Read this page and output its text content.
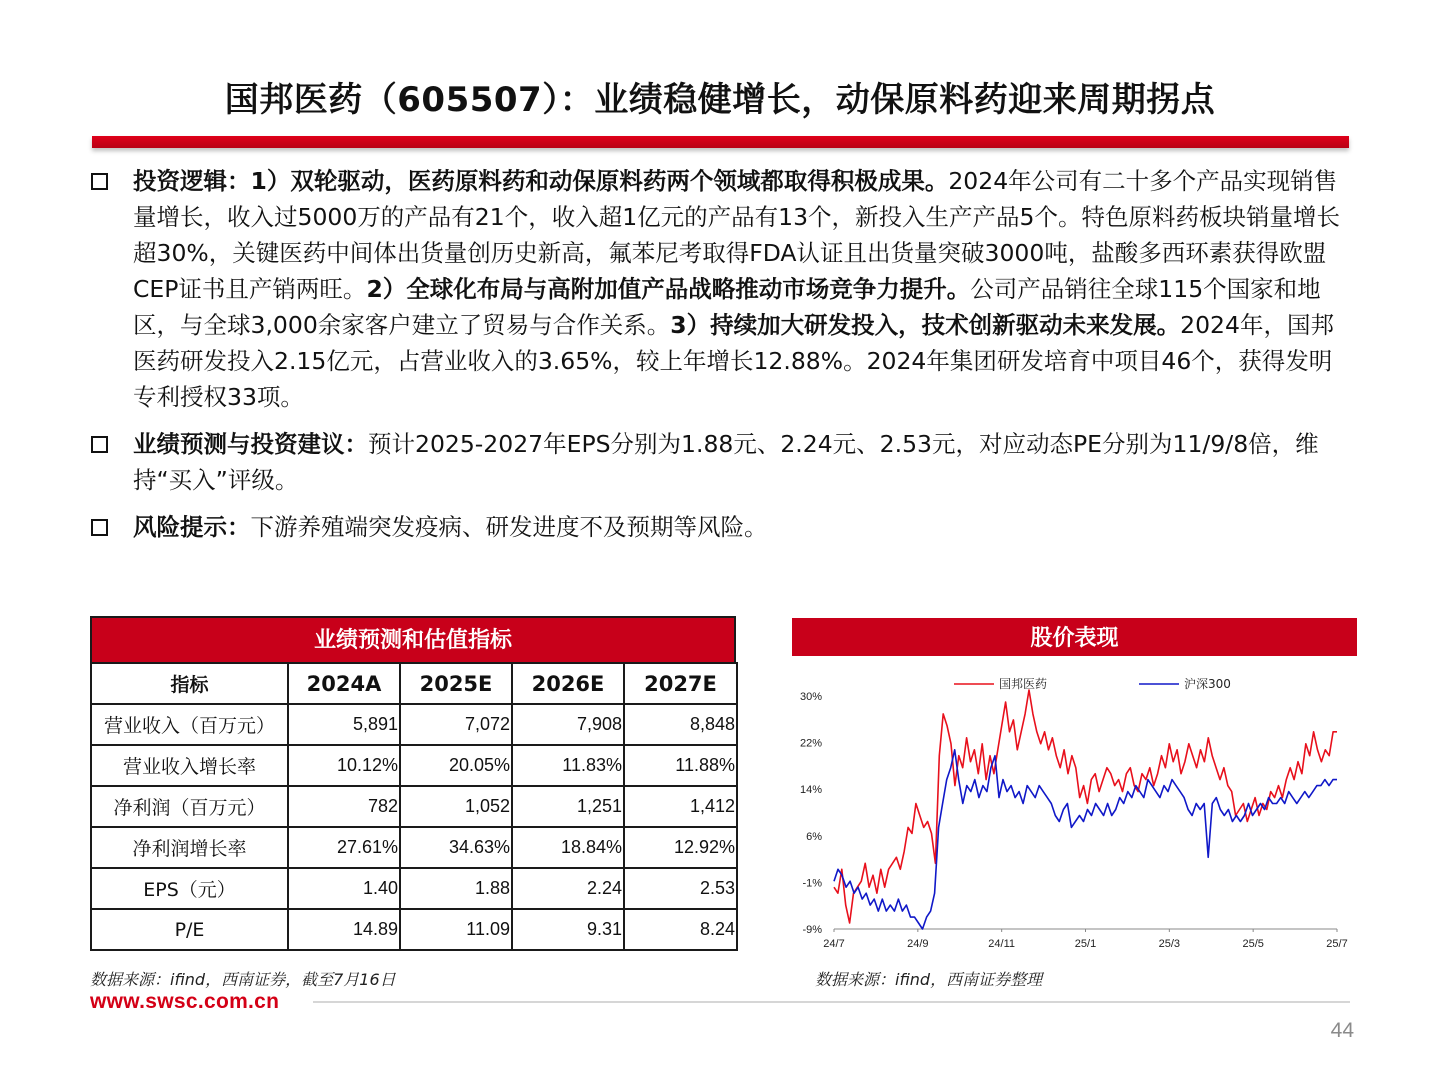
国邦医药（605507）：业绩稳健增长，动保原料药迎来周期拐点
投资逻辑：1）双轮驱动，医药原料药和动保原料药两个领域都取得积极成果。2024年公司有二十多个产品实现销售量增长，收入过5000万的产品有21个，收入超1亿元的产品有13个，新投入生产产品5个。特色原料药板块销量增长超30%，关键医药中间体出货量创历史新高，氟苯尼考取得FDA认证且出货量突破3000吨，盐酸多西环素获得欧盟CEP证书且产销两旺。2）全球化布局与高附加值产品战略推动市场竞争力提升。公司产品销往全球115个国家和地区，与全球3,000余家客户建立了贸易与合作关系。3）持续加大研发投入，技术创新驱动未来发展。2024年，国邦医药研发投入2.15亿元，占营业收入的3.65%，较上年增长12.88%。2024年集团研发培育中项目46个，获得发明专利授权33项。
业绩预测与投资建议：预计2025-2027年EPS分别为1.88元、2.24元、2.53元，对应动态PE分别为11/9/8倍，维持“买入”评级。
风险提示：下游养殖端突发疫病、研发进度不及预期等风险。
业绩预测和估值指标
指标	2024A	2025E	2026E	2027E
营业收入（百万元）	5,891	7,072	7,908	8,848
营业收入增长率	10.12%	20.05%	11.83%	11.88%
净利润（百万元）	782	1,052	1,251	1,412
净利润增长率	27.61%	34.63%	18.84%	12.92%
EPS（元）	1.40	1.88	2.24	2.53
P/E	14.89	11.09	9.31	8.24
数据来源：ifind，西南证券，截至7月16日
股价表现
30%
22%
14%
6%
-1%
-9%
24/7	24/9	24/11	25/1	25/3	25/5	25/7
国邦医药	沪深300
数据来源：ifind，西南证券整理
www.swsc.com.cn
44
